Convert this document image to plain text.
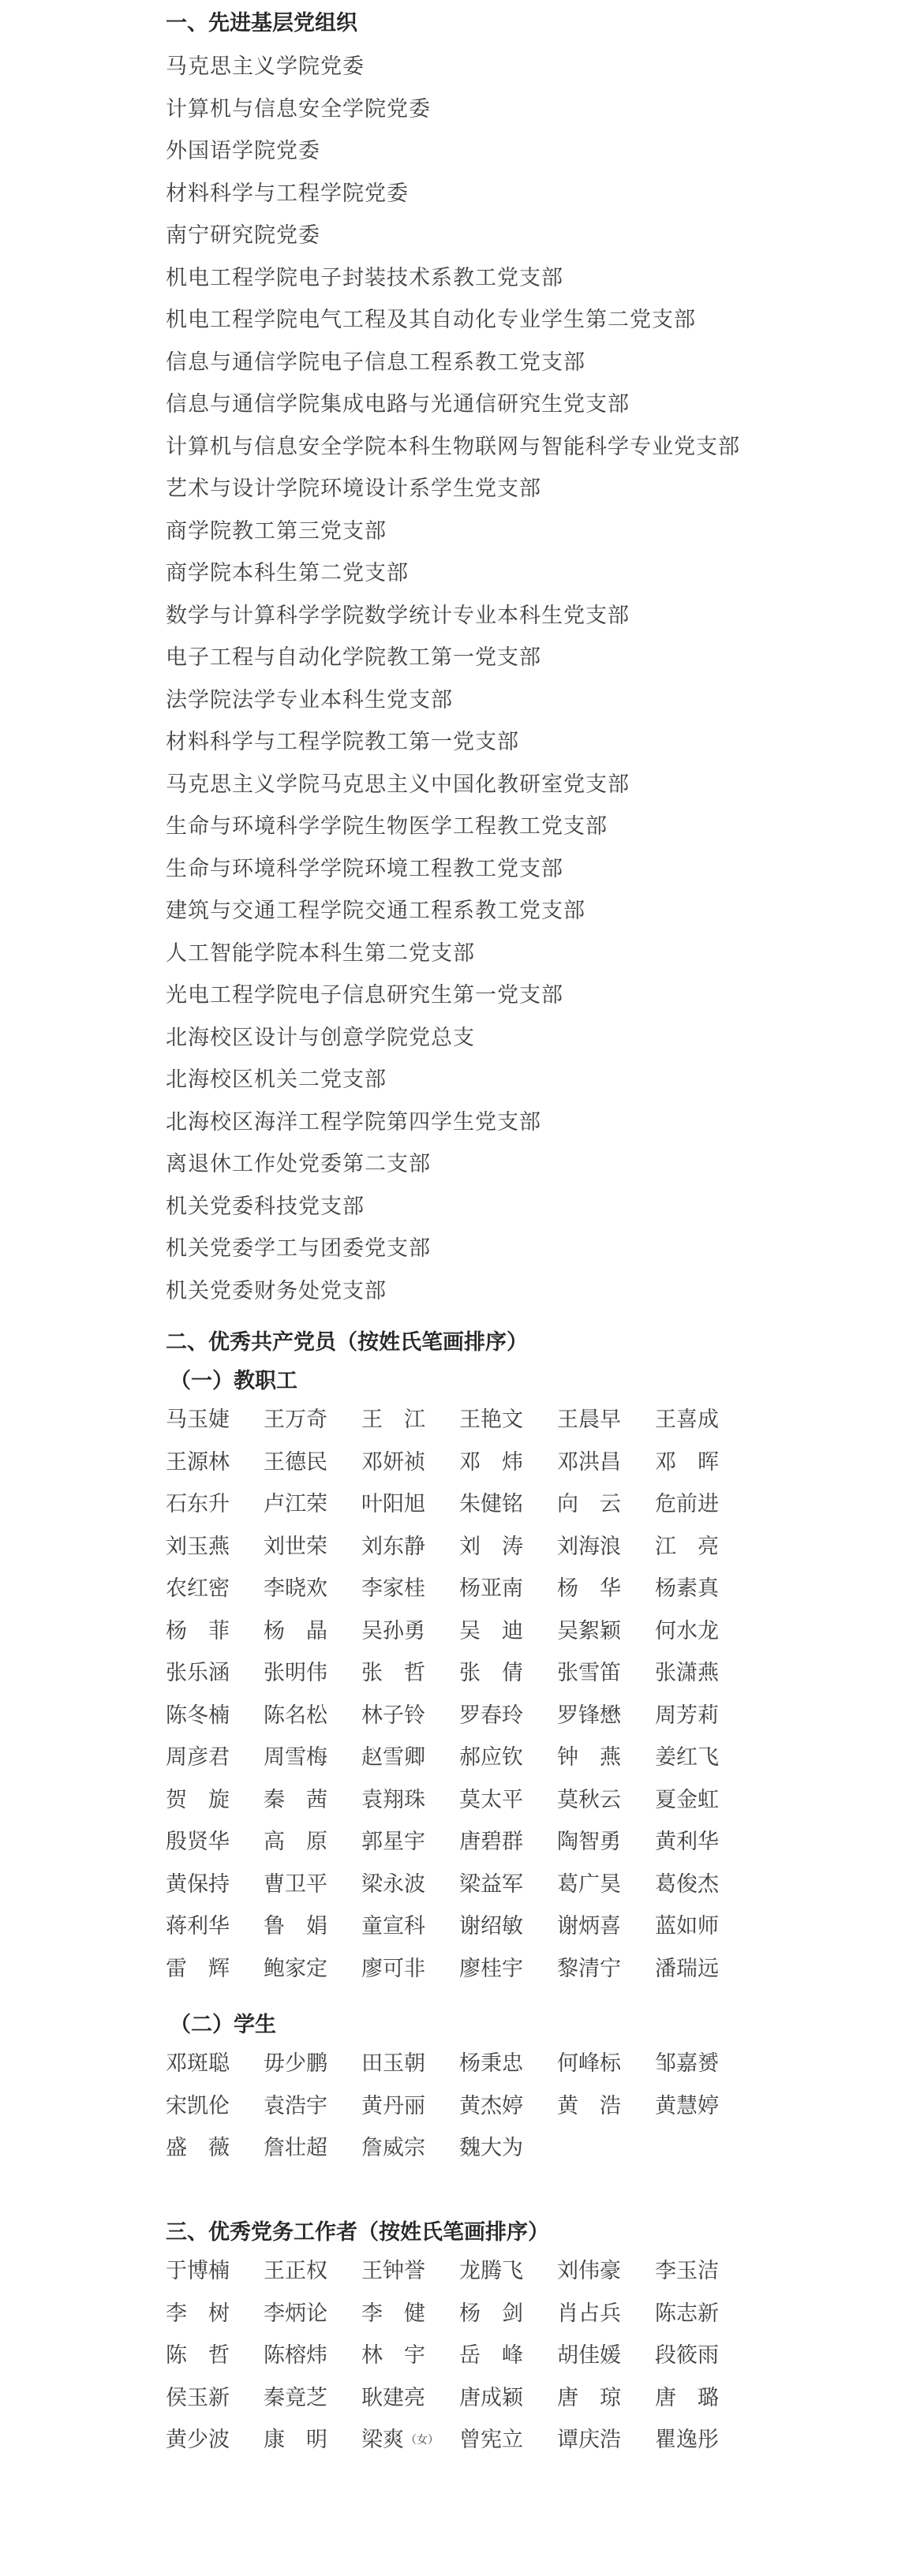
一、先进基层党组织
马克思主义学院党委
计算机与信息安全学院党委
外国语学院党委
材料科学与工程学院党委
南宁研究院党委
机电工程学院电子封装技术系教工党支部
机电工程学院电气工程及其自动化专业学生第二党支部
信息与通信学院电子信息工程系教工党支部
信息与通信学院集成电路与光通信研究生党支部
计算机与信息安全学院本科生物联网与智能科学专业党支部
艺术与设计学院环境设计系学生党支部
商学院教工第三党支部
商学院本科生第二党支部
数学与计算科学学院数学统计专业本科生党支部
电子工程与自动化学院教工第一党支部
法学院法学专业本科生党支部
材料科学与工程学院教工第一党支部
马克思主义学院马克思主义中国化教研室党支部
生命与环境科学学院生物医学工程教工党支部
生命与环境科学学院环境工程教工党支部
建筑与交通工程学院交通工程系教工党支部
人工智能学院本科生第二党支部
光电工程学院电子信息研究生第一党支部
北海校区设计与创意学院党总支
北海校区机关二党支部
北海校区海洋工程学院第四学生党支部
离退休工作处党委第二支部
机关党委科技党支部
机关党委学工与团委党支部
机关党委财务处党支部
二、优秀共产党员（按姓氏笔画排序）
（一）教职工
马玉婕	王万奇	王　江	王艳文	王晨早	王喜成
王源林	王德民	邓妍祯	邓　炜	邓洪昌	邓　晖
石东升	卢江荣	叶阳旭	朱健铭	向　云	危前进
刘玉燕	刘世荣	刘东静	刘　涛	刘海浪	江　亮
农红密	李晓欢	李家桂	杨亚南	杨　华	杨素真
杨　菲	杨　晶	吴孙勇	吴　迪	吴絮颖	何水龙
张乐涵	张明伟	张　哲	张　倩	张雪笛	张潇燕
陈冬楠	陈名松	林子铃	罗春玲	罗锋懋	周芳莉
周彦君	周雪梅	赵雪卿	郝应钦	钟　燕	姜红飞
贺　旋	秦　茜	袁翔珠	莫太平	莫秋云	夏金虹
殷贤华	高　原	郭星宇	唐碧群	陶智勇	黄利华
黄保持	曹卫平	梁永波	梁益军	葛广昊	葛俊杰
蒋利华	鲁　娟	童宣科	谢绍敏	谢炳喜	蓝如师
雷　辉	鲍家定	廖可非	廖桂宇	黎清宁	潘瑞远
（二）学生
邓斑聪	毋少鹏	田玉朝	杨秉忠	何峰标	邹嘉赟
宋凯伦	袁浩宇	黄丹丽	黄杰婷	黄　浩	黄慧婷
盛　薇	詹壮超	詹威宗	魏大为
三、优秀党务工作者（按姓氏笔画排序）
于博楠	王正权	王钟誉	龙腾飞	刘伟豪	李玉洁
李　树	李炳论	李　健	杨　剑	肖占兵	陈志新
陈　哲	陈榕炜	林　宇	岳　峰	胡佳媛	段筱雨
侯玉新	秦竟芝	耿建亮	唐成颖	唐　琼	唐　璐
黄少波	康　明	梁爽 （女） 曾宪立	谭庆浩	瞿逸彤
